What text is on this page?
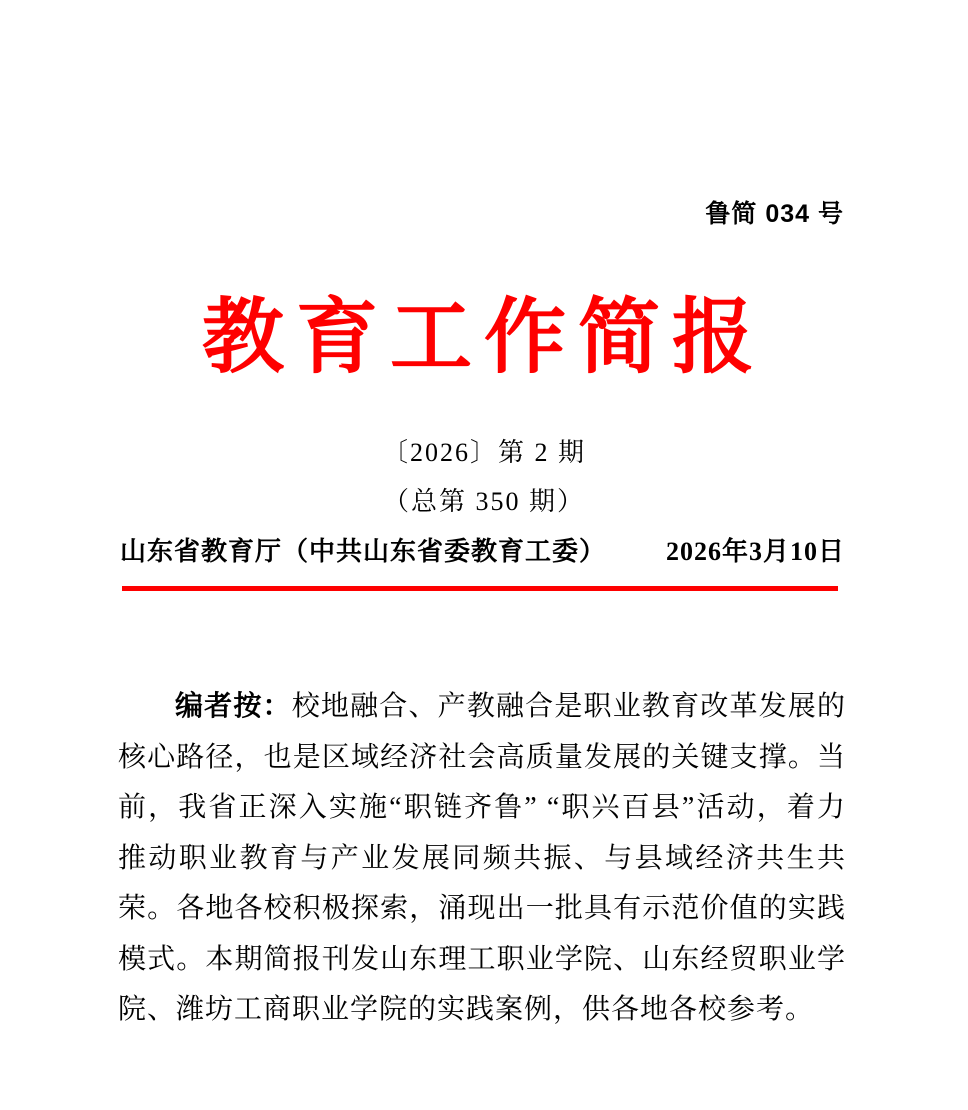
鲁简 034 号
教育工作简报
〔2026〕第 2 期
（总第 350 期）
山东省教育厅（中共山东省委教育工委） 2026年3月10日

编者按：校地融合、产教融合是职业教育改革发展的核心路径，也是区域经济社会高质量发展的关键支撑。当前，我省正深入实施“职链齐鲁” “职兴百县”活动，着力推动职业教育与产业发展同频共振、与县域经济共生共荣。各地各校积极探索，涌现出一批具有示范价值的实践模式。本期简报刊发山东理工职业学院、山东经贸职业学院、潍坊工商职业学院的实践案例，供各地各校参考。
